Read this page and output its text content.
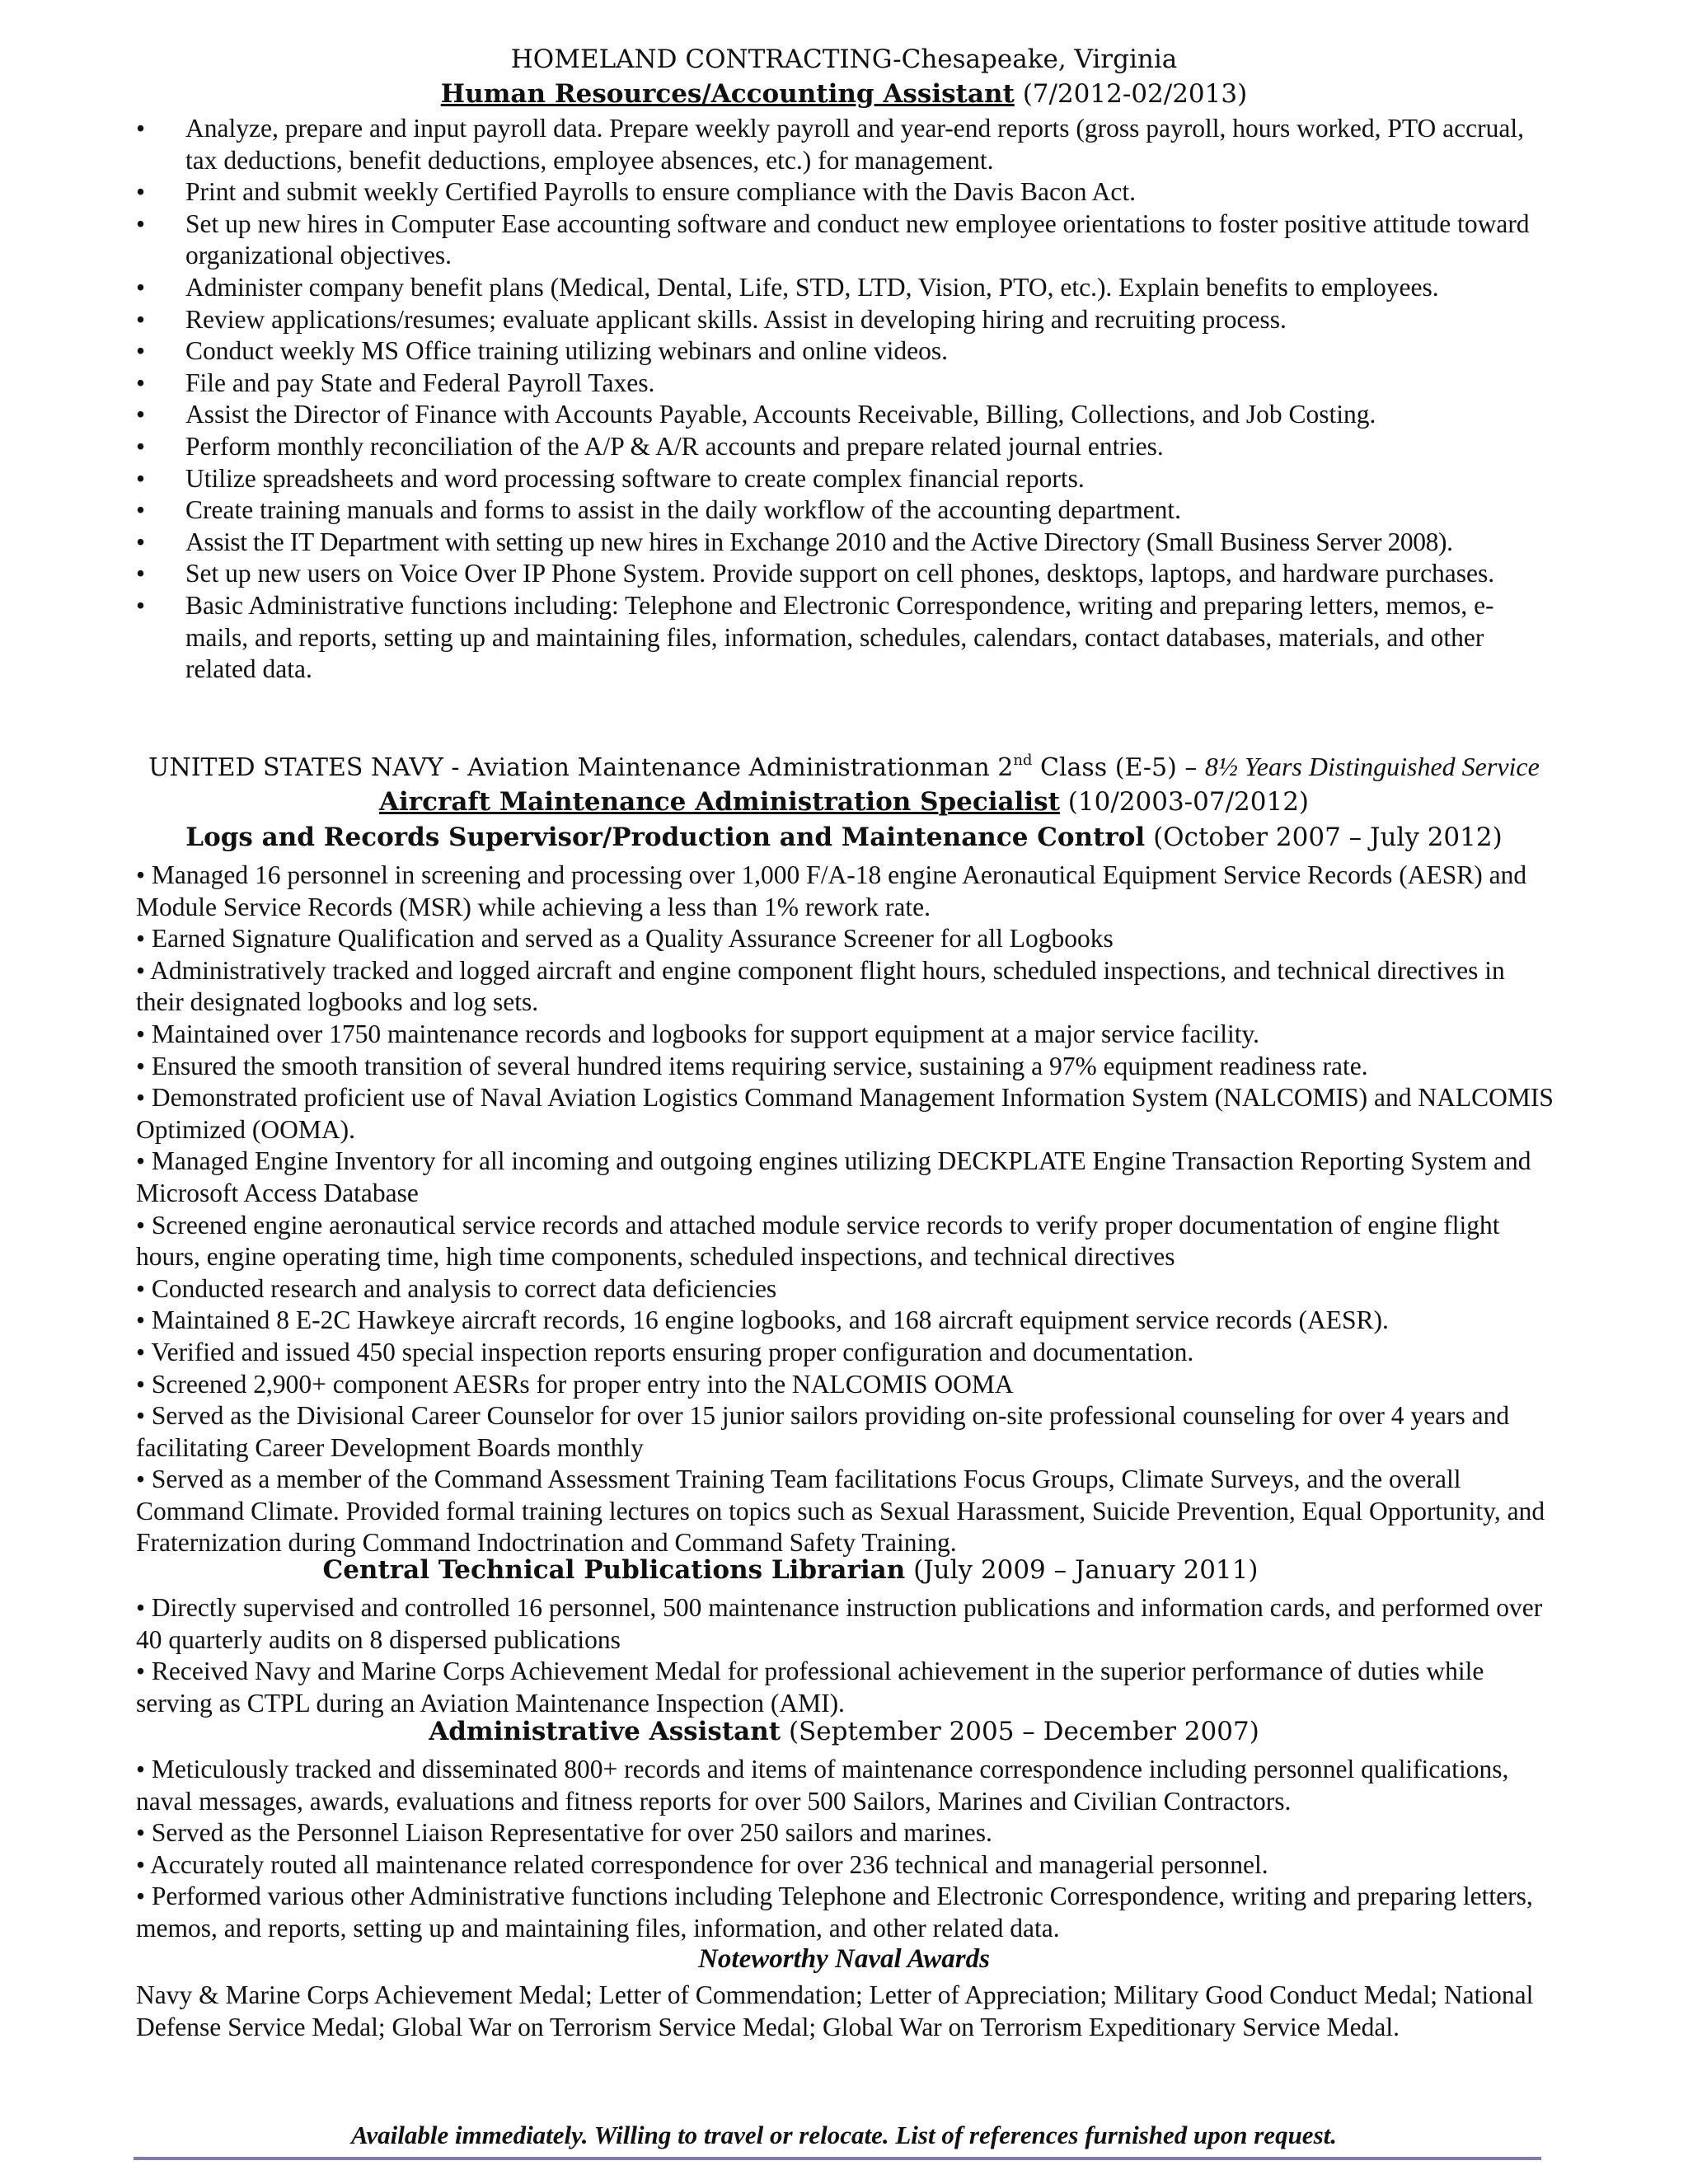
HOMELAND CONTRACTING-Chesapeake, Virginia
Human Resources/Accounting Assistant (7/2012-02/2013)
• Analyze, prepare and input payroll data. Prepare weekly payroll and year-end reports (gross payroll, hours worked, PTO accrual, tax deductions, benefit deductions, employee absences, etc.) for management.
• Print and submit weekly Certified Payrolls to ensure compliance with the Davis Bacon Act.
• Set up new hires in Computer Ease accounting software and conduct new employee orientations to foster positive attitude toward organizational objectives.
• Administer company benefit plans (Medical, Dental, Life, STD, LTD, Vision, PTO, etc.). Explain benefits to employees.
• Review applications/resumes; evaluate applicant skills. Assist in developing hiring and recruiting process.
• Conduct weekly MS Office training utilizing webinars and online videos.
• File and pay State and Federal Payroll Taxes.
• Assist the Director of Finance with Accounts Payable, Accounts Receivable, Billing, Collections, and Job Costing.
• Perform monthly reconciliation of the A/P & A/R accounts and prepare related journal entries.
• Utilize spreadsheets and word processing software to create complex financial reports.
• Create training manuals and forms to assist in the daily workflow of the accounting department.
• Assist the IT Department with setting up new hires in Exchange 2010 and the Active Directory (Small Business Server 2008).
• Set up new users on Voice Over IP Phone System. Provide support on cell phones, desktops, laptops, and hardware purchases.
• Basic Administrative functions including: Telephone and Electronic Correspondence, writing and preparing letters, memos, e-mails, and reports, setting up and maintaining files, information, schedules, calendars, contact databases, materials, and other related data.
UNITED STATES NAVY - Aviation Maintenance Administrationman 2nd Class (E-5) – 8½ Years Distinguished Service
Aircraft Maintenance Administration Specialist (10/2003-07/2012)
Logs and Records Supervisor/Production and Maintenance Control (October 2007 – July 2012)
• Managed 16 personnel in screening and processing over 1,000 F/A-18 engine Aeronautical Equipment Service Records (AESR) and Module Service Records (MSR) while achieving a less than 1% rework rate.
• Earned Signature Qualification and served as a Quality Assurance Screener for all Logbooks
• Administratively tracked and logged aircraft and engine component flight hours, scheduled inspections, and technical directives in their designated logbooks and log sets.
• Maintained over 1750 maintenance records and logbooks for support equipment at a major service facility.
• Ensured the smooth transition of several hundred items requiring service, sustaining a 97% equipment readiness rate.
• Demonstrated proficient use of Naval Aviation Logistics Command Management Information System (NALCOMIS) and NALCOMIS Optimized (OOMA).
• Managed Engine Inventory for all incoming and outgoing engines utilizing DECKPLATE Engine Transaction Reporting System and Microsoft Access Database
• Screened engine aeronautical service records and attached module service records to verify proper documentation of engine flight hours, engine operating time, high time components, scheduled inspections, and technical directives
• Conducted research and analysis to correct data deficiencies
• Maintained 8 E-2C Hawkeye aircraft records, 16 engine logbooks, and 168 aircraft equipment service records (AESR).
• Verified and issued 450 special inspection reports ensuring proper configuration and documentation.
• Screened 2,900+ component AESRs for proper entry into the NALCOMIS OOMA
• Served as the Divisional Career Counselor for over 15 junior sailors providing on-site professional counseling for over 4 years and facilitating Career Development Boards monthly
• Served as a member of the Command Assessment Training Team facilitations Focus Groups, Climate Surveys, and the overall Command Climate. Provided formal training lectures on topics such as Sexual Harassment, Suicide Prevention, Equal Opportunity, and Fraternization during Command Indoctrination and Command Safety Training.
Central Technical Publications Librarian (July 2009 – January 2011)
• Directly supervised and controlled 16 personnel, 500 maintenance instruction publications and information cards, and performed over 40 quarterly audits on 8 dispersed publications
• Received Navy and Marine Corps Achievement Medal for professional achievement in the superior performance of duties while serving as CTPL during an Aviation Maintenance Inspection (AMI).
Administrative Assistant (September 2005 – December 2007)
• Meticulously tracked and disseminated 800+ records and items of maintenance correspondence including personnel qualifications, naval messages, awards, evaluations and fitness reports for over 500 Sailors, Marines and Civilian Contractors.
• Served as the Personnel Liaison Representative for over 250 sailors and marines.
• Accurately routed all maintenance related correspondence for over 236 technical and managerial personnel.
• Performed various other Administrative functions including Telephone and Electronic Correspondence, writing and preparing letters, memos, and reports, setting up and maintaining files, information, and other related data.
Noteworthy Naval Awards
Navy & Marine Corps Achievement Medal; Letter of Commendation; Letter of Appreciation; Military Good Conduct Medal; National Defense Service Medal; Global War on Terrorism Service Medal; Global War on Terrorism Expeditionary Service Medal.
Available immediately. Willing to travel or relocate. List of references furnished upon request.
